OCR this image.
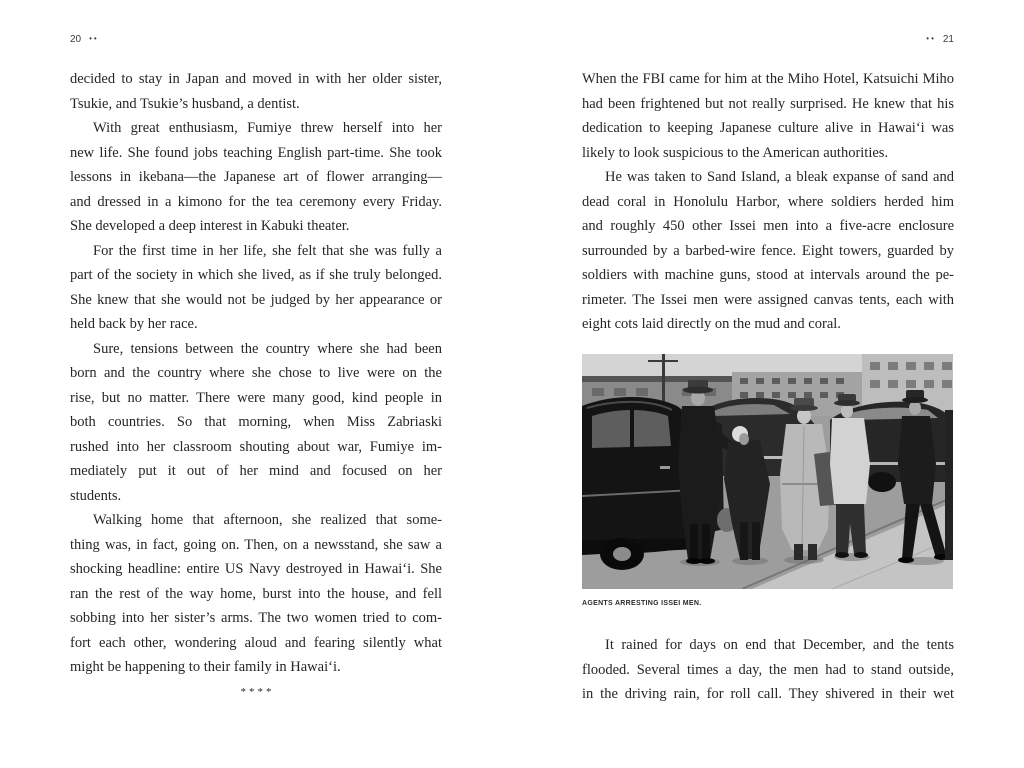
20 ••

decided to stay in Japan and moved in with her older sister,
Tsukie, and Tsukie’s husband, a dentist.

With great enthusiasm, Fumiye threw herself into her
new life. She found jobs teaching English part-time. She took
lessons in ikebana—the Japanese art of flower arranging—
and dressed in a kimono for the tea ceremony every Friday.
She developed a deep interest in Kabuki theater.

For the first time in her life, she felt that she was fully a
part of the society in which she lived, as if she truly belonged.
She knew that she would not be judged by her appearance or
held back by her race.

Sure, tensions between the country where she had been
born and the country where she chose to live were on the
rise, but no matter. There were many good, kind people in
both countries. So that morning, when Miss Zabriaski
rushed into her classroom shouting about war, Fumiye im-
mediately put it out of her mind and focused on her
students.

Walking home that afternoon, she realized that some-
thing was, in fact, going on. Then, on a newsstand, she saw a
shocking headline: entire US Navy destroyed in Hawaiʻi. She
ran the rest of the way home, burst into the house, and fell
sobbing into her sister’s arms. The two women tried to com-
fort each other, wondering aloud and fearing silently what
might be happening to their family in Hawaiʻi.

****
•• 21

When the FBI came for him at the Miho Hotel, Katsuichi Miho
had been frightened but not really surprised. He knew that his
dedication to keeping Japanese culture alive in Hawaiʻi was
likely to look suspicious to the American authorities.

He was taken to Sand Island, a bleak expanse of sand and
dead coral in Honolulu Harbor, where soldiers herded him
and roughly 450 other Issei men into a five-acre enclosure
surrounded by a barbed-wire fence. Eight towers, guarded by
soldiers with machine guns, stood at intervals around the pe-
rimeter. The Issei men were assigned canvas tents, each with
eight cots laid directly on the mud and coral.

AGENTS ARRESTING ISSEI MEN.

It rained for days on end that December, and the tents
flooded. Several times a day, the men had to stand outside,
in the driving rain, for roll call. They shivered in their wet
